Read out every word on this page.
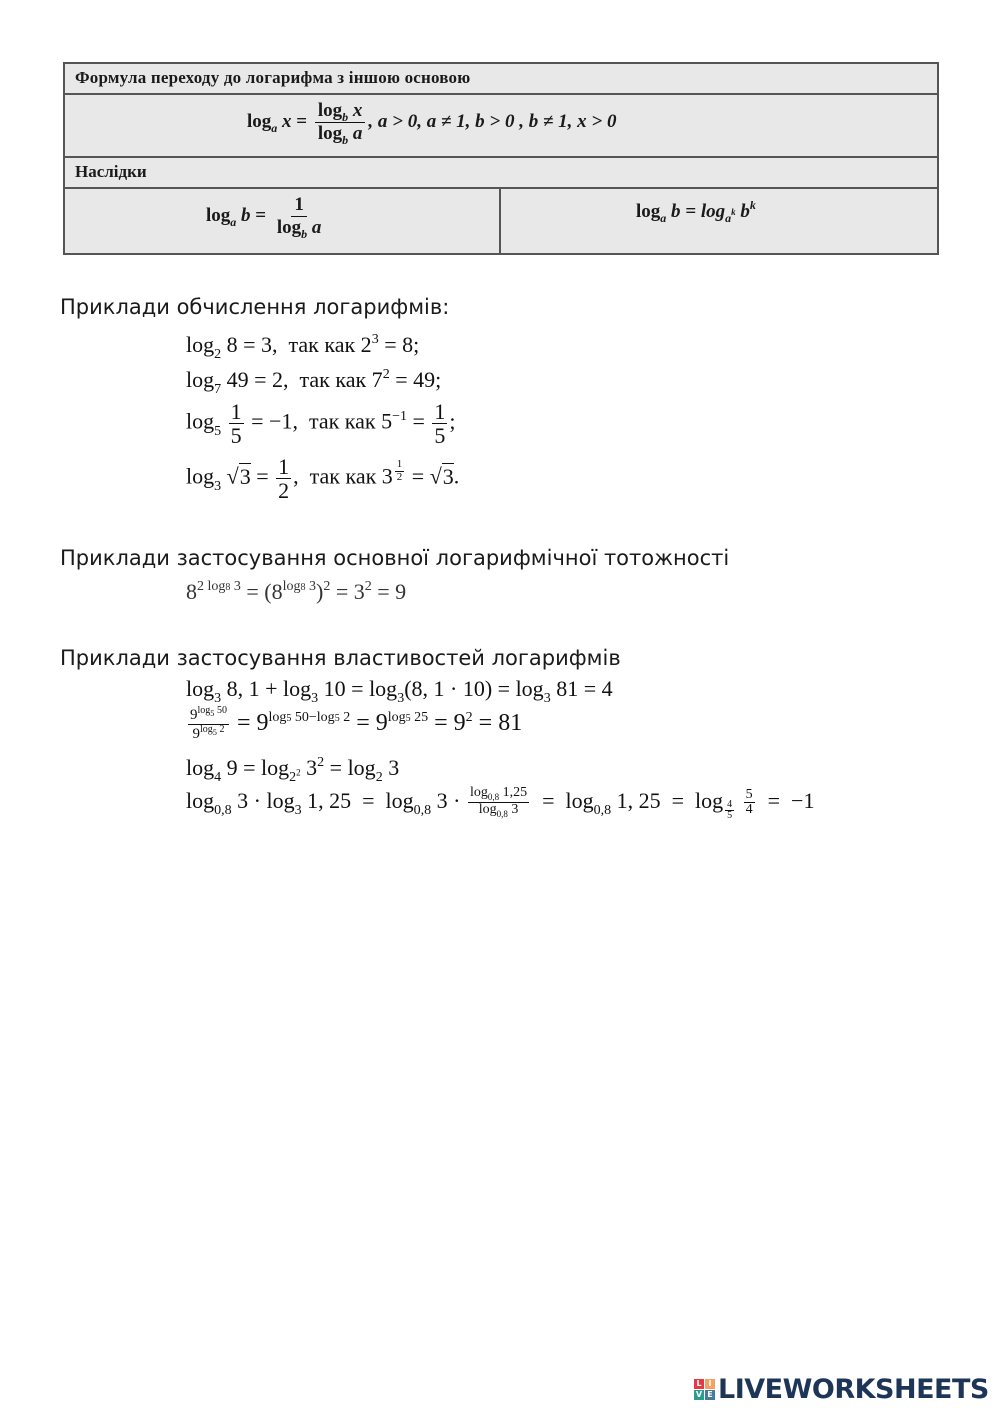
Формула переходу до логарифма з іншою основою
$\log_a x = \frac{\log_b x}{\log_b a}$ , a > 0, a ≠ 1, b > 0 , b ≠ 1, x > 0
Наслідки
$\log_a b = \frac{1}{\log_b a}$	$\log_a b = \log_ak$ $b^k$
Приклади обчислення логарифмів:
$\log_2 8 = 3$,  так как $2^3 = 8$;
$\log_7 49 = 2$,  так как $7^2 = 49$;
$\log_5 \frac{1}{5} = -1$,  так как $5^{-1} = \frac{1}{5}$ ;
$\log_3 √3 = \frac{1}{2}$ ,  так как 3 $^{\frac{1}{2}}$ = √3.
Приклади застосування основної логарифмічної тотожності
$8^{2 log8 3} = (8^{log8 3})^2 = 3^2 = 9$
Приклади застосування властивостей логарифмів
$\log_3 8$, $1 + \log_3 10 = \log_3(8$, $1 \cdot 10) = \log_3 81 = 4$
$\frac{9^{log_5 50}}{9^{log_5 2}} = 9^{log5 50-log5 2} = 9^{log5 25} = 9^2 = 81$
$\log_4 9 = \log_{2^2} 3^2 = \log_2 3$
$\log_{0,8} 3 \cdot \log_3 1$, $25 = \log_{0,8} 3 \cdot \frac{\log_{0,8} 1,25}{\log_{0,8} 3} = \log_{0,8} 1$, 25  =  log $_{\frac{4}{5}}$
$\frac{5}{4} = -1$
L I
V E LIVEWORKSHEETS
